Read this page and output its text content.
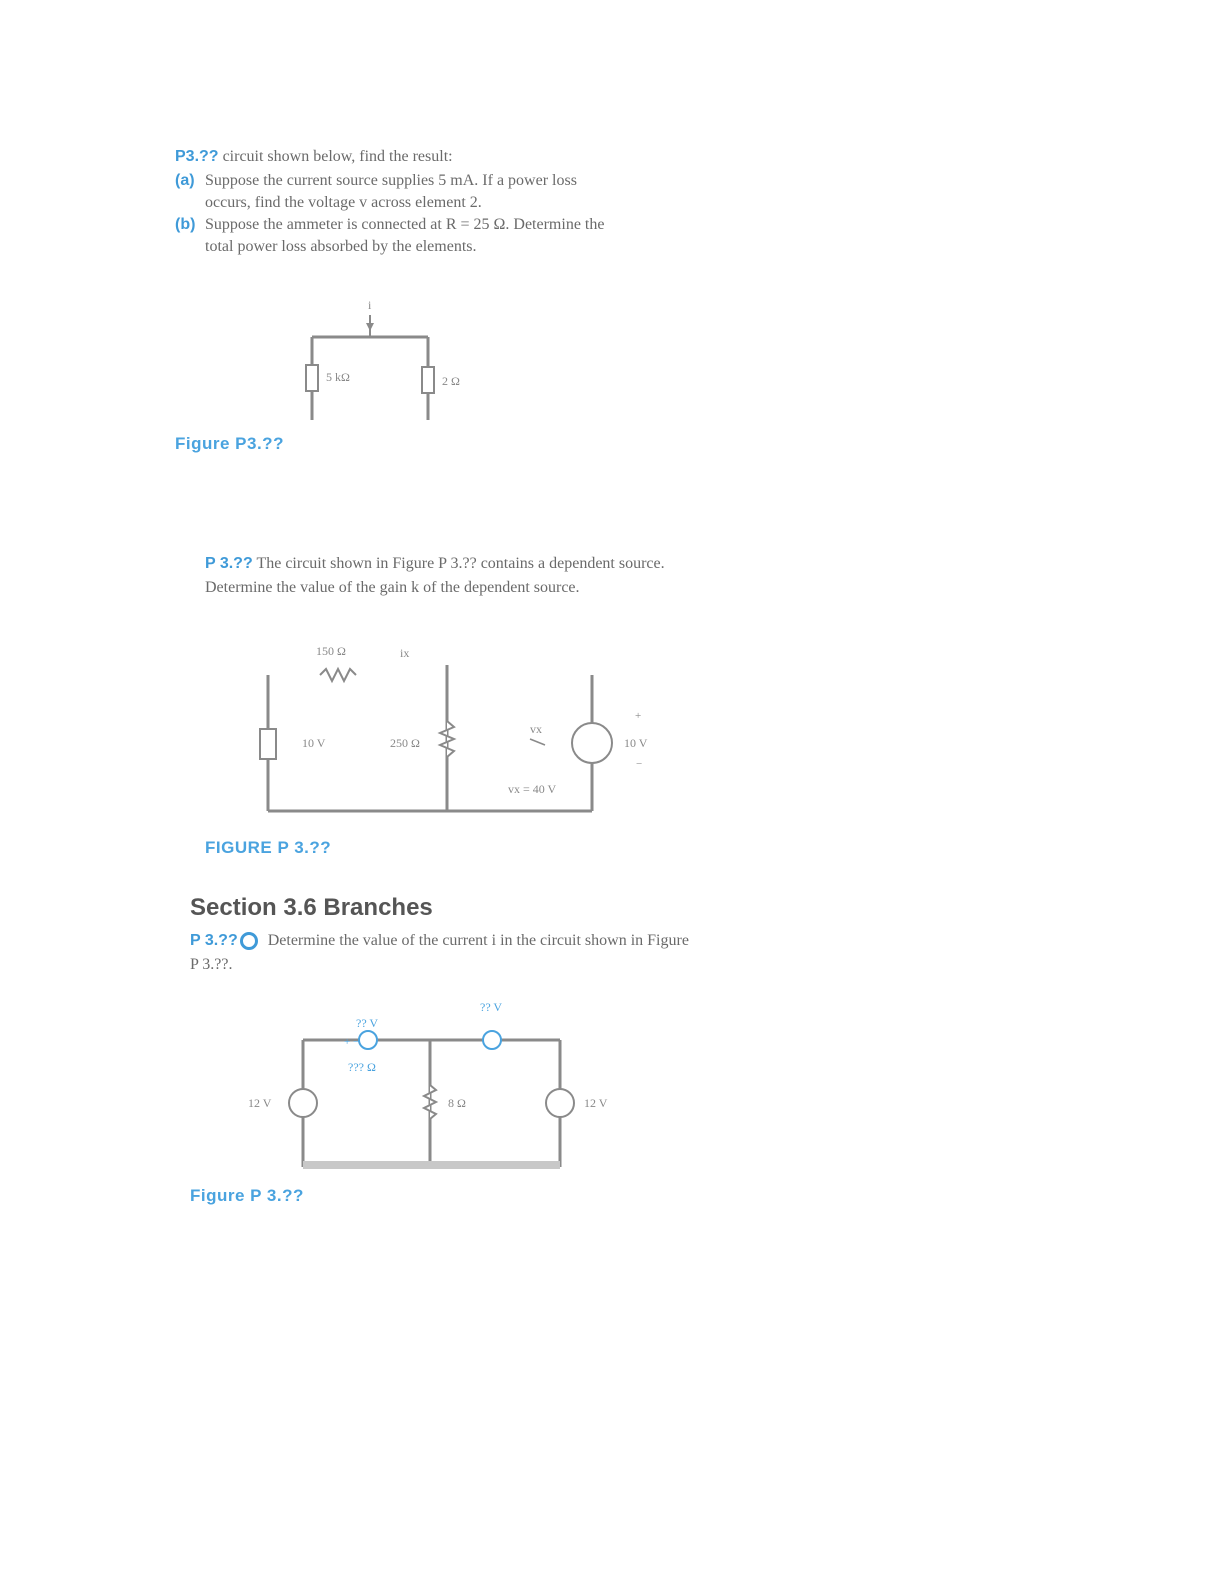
P3.?? circuit shown below, find the result:
(a) Suppose the current source supplies 5 mA. If a power loss occurs, find the voltage v across element 2.
(b) Suppose the ammeter is connected at R = 25 Ω. Determine the total power loss absorbed by the elements.
i
5 kΩ	2 Ω
Figure P3.??
P 3.?? The circuit shown in Figure P 3.?? contains a dependent source. Determine the value of the gain k of the dependent source.
150 Ω	ix
10 V	250 Ω
vx
10 V
+
−
vx = 40 V
FIGURE P 3.??
Section 3.6 Branches
P 3.?? Determine the value of the current i in the circuit shown in Figure P 3.??.
?? V
+ −
??? Ω
?? V
12 V	8 Ω	12 V
Figure P 3.??
